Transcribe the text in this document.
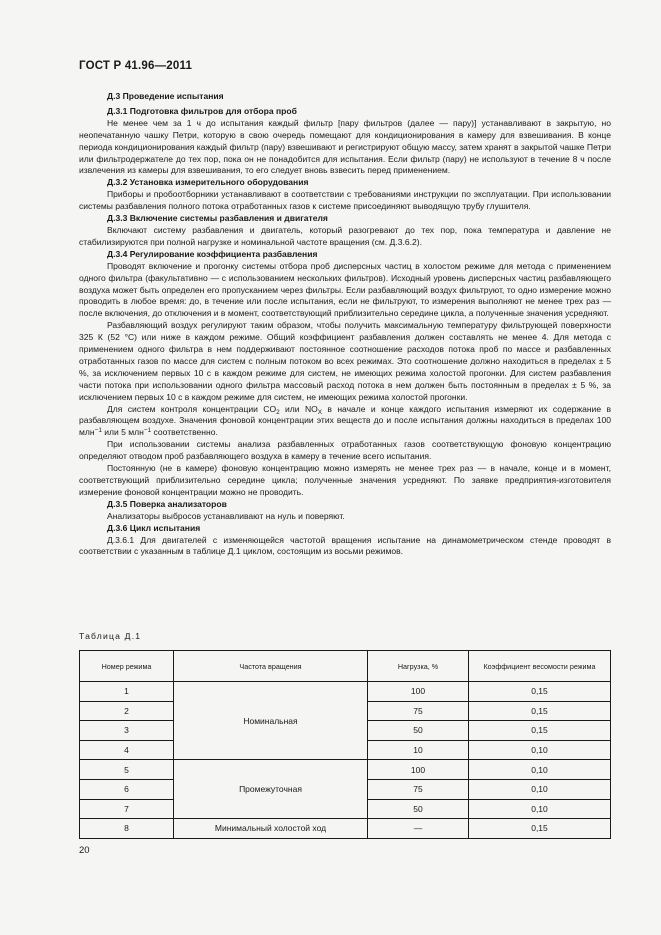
ГОСТ Р 41.96—2011

Д.3 Проведение испытания

Д.3.1 Подготовка фильтров для отбора проб

Не менее чем за 1 ч до испытания каждый фильтр [пару фильтров (далее — пару)] устанавливают в закрытую, но неопечатанную чашку Петри, которую в свою очередь помещают для кондиционирования в камеру для взвешивания. В конце периода кондиционирования каждый фильтр (пару) взвешивают и регистрируют общую массу, затем хранят в закрытой чашке Петри или фильтродержателе до тех пор, пока он не понадобится для испытания. Если фильтр (пару) не используют в течение 8 ч после извлечения из камеры для взвешивания, то его следует вновь взвесить перед применением.

Д.3.2 Установка измерительного оборудования

Приборы и пробоотборники устанавливают в соответствии с требованиями инструкции по эксплуатации. При использовании системы разбавления полного потока отработанных газов к системе присоединяют выводящую трубу глушителя.

Д.3.3 Включение системы разбавления и двигателя

Включают систему разбавления и двигатель, который разогревают до тех пор, пока температура и давление не стабилизируются при полной нагрузке и номинальной частоте вращения (см. Д.3.6.2).

Д.3.4 Регулирование коэффициента разбавления

Проводят включение и прогонку системы отбора проб дисперсных частиц в холостом режиме для метода с применением одного фильтра (факультативно — с использованием нескольких фильтров). Исходный уровень дисперсных частиц разбавляющего воздуха может быть определен его пропусканием через фильтры. Если разбавляющий воздух фильтруют, то одно измерение можно проводить в любое время: до, в течение или после испытания, если не фильтруют, то измерения выполняют не менее трех раз — после включения, до отключения и в момент, соответствующий приблизительно середине цикла, а полученные значения усредняют.

Разбавляющий воздух регулируют таким образом, чтобы получить максимальную температуру фильтрующей поверхности 325 К (52 °C) или ниже в каждом режиме. Общий коэффициент разбавления должен составлять не менее 4. Для метода с применением одного фильтра в нем поддерживают постоянное соотношение расходов потока проб по массе и разбавленных отработанных газов по массе для систем с полным потоком во всех режимах. Это соотношение должно находиться в пределах ± 5 %, за исключением первых 10 с в каждом режиме для систем, не имеющих режима холостой прогонки. Для систем разбавления части потока при использовании одного фильтра массовый расход потока в нем должен быть постоянным в пределах ± 5 %, за исключением первых 10 с в каждом режиме для систем, не имеющих режима холостой прогонки.

Для систем контроля концентрации $CO_2$ или $NO_X$ в начале и конце каждого испытания измеряют их содержание в разбавляющем воздухе. Значения фоновой концентрации этих веществ до и после испытания должны находиться в пределах 100 млн$^{-1}$ или 5 млн$^{-1}$ соответственно.

При использовании системы анализа разбавленных отработанных газов соответствующую фоновую концентрацию определяют отводом проб разбавляющего воздуха в камеру в течение всего испытания.

Постоянную (не в камере) фоновую концентрацию можно измерять не менее трех раз — в начале, конце и в момент, соответствующий приблизительно середине цикла; полученные значения усредняют. По заявке предприятия-изготовителя измерение фоновой концентрации можно не проводить.

Д.3.5 Поверка анализаторов

Анализаторы выбросов устанавливают на нуль и поверяют.

Д.3.6 Цикл испытания

Д.3.6.1 Для двигателей с изменяющейся частотой вращения испытание на динамометрическом стенде проводят в соответствии с указанным в таблице Д.1 циклом, состоящим из восьми режимов.

Таблица Д.1
Номер режима	Частота вращения	Нагрузка, %	Коэффициент весомости режима
1	Номинальная	100	0,15
2		75	0,15
3		50	0,15
4		10	0,10
5	Промежуточная	100	0,10
6		75	0,10
7		50	0,10
8	Минимальный холостой ход	—	0,15
20
